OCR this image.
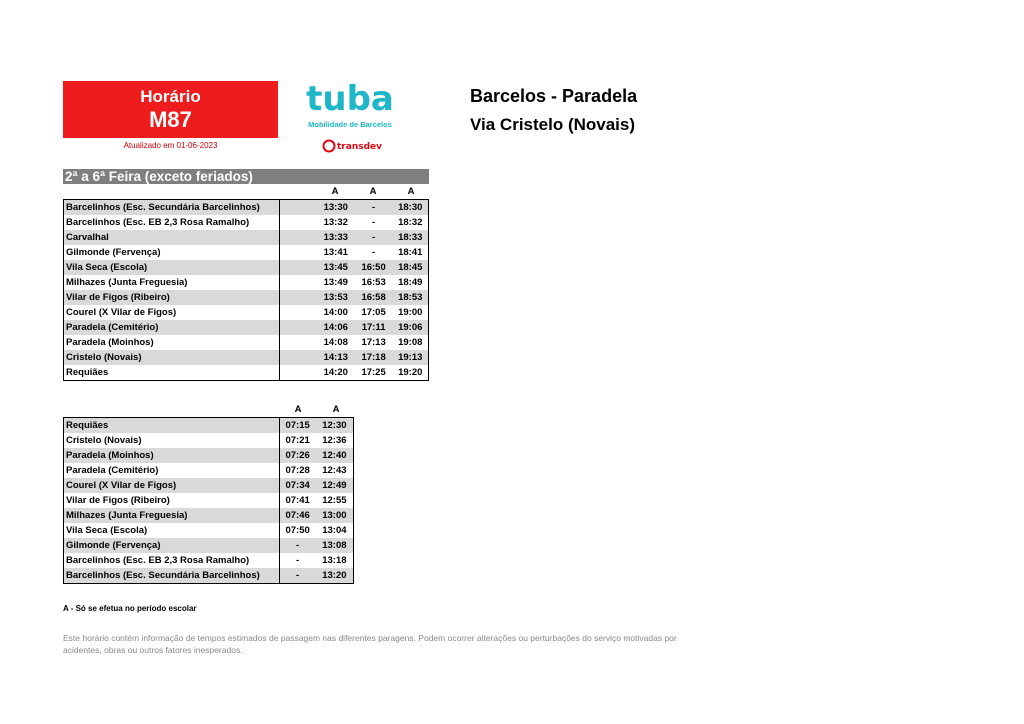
Horário
M87
Atualizado em 01-06-2023
tuba
Mobilidade de Barcelos
transdev
Barcelos - Paradela
Via Cristelo (Novais)
2ª a 6ª Feira (exceto feriados)
A	A	A
Barcelinhos (Esc. Secundária Barcelinhos)		13:30	-	18:30
Barcelinhos (Esc. EB 2,3 Rosa Ramalho)		13:32	-	18:32
Carvalhal		13:33	-	18:33
Gilmonde (Fervença)		13:41	-	18:41
Vila Seca (Escola)		13:45	16:50	18:45
Milhazes (Junta Freguesia)		13:49	16:53	18:49
Vilar de Figos (Ribeiro)		13:53	16:58	18:53
Courel (X Vilar de Figos)		14:00	17:05	19:00
Paradela (Cemitério)		14:06	17:11	19:06
Paradela (Moinhos)		14:08	17:13	19:08
Cristelo (Novais)		14:13	17:18	19:13
Requiães		14:20	17:25	19:20
A	A
Requiães	07:15	12:30
Cristelo (Novais)	07:21	12:36
Paradela (Moinhos)	07:26	12:40
Paradela (Cemitério)	07:28	12:43
Courel (X Vilar de Figos)	07:34	12:49
Vilar de Figos (Ribeiro)	07:41	12:55
Milhazes (Junta Freguesia)	07:46	13:00
Vila Seca (Escola)	07:50	13:04
Gilmonde (Fervença)	-	13:08
Barcelinhos (Esc. EB 2,3 Rosa Ramalho)	-	13:18
Barcelinhos (Esc. Secundária Barcelinhos)	-	13:20
A - Só se efetua no período escolar
Este horário contém informação de tempos estimados de passagem nas diferentes paragens. Podem ocorrer alterações ou perturbações do serviço motivadas por acidentes, obras ou outros fatores inesperados.
